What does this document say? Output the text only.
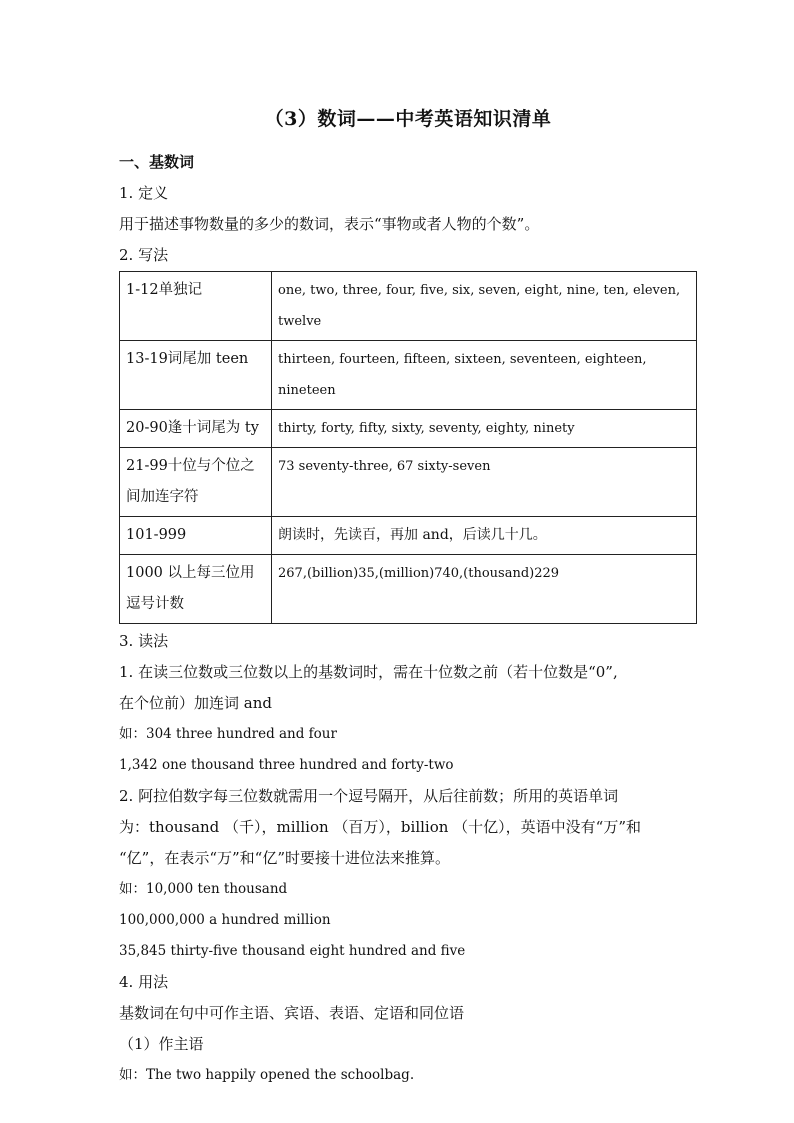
（3）数词——中考英语知识清单
一、基数词
1. 定义
用于描述事物数量的多少的数词，表示“事物或者人物的个数”。
2. 写法
1-12单独记	one, two, three, four, five, six, seven, eight, nine, ten, eleven, twelve
13-19词尾加 teen	thirteen, fourteen, fifteen, sixteen, seventeen, eighteen, nineteen
20-90逢十词尾为 ty	thirty, forty, fifty, sixty, seventy, eighty, ninety
21-99十位与个位之间加连字符	73 seventy-three, 67 sixty-seven
101-999	朗读时，先读百，再加 and，后读几十几。
1000 以上每三位用逗号计数	267,(billion)35,(million)740,(thousand)229
3. 读法
1. 在读三位数或三位数以上的基数词时，需在十位数之前（若十位数是“0”,
在个位前）加连词 and
如：304 three hundred and four
1,342 one thousand three hundred and forty-two
2. 阿拉伯数字每三位数就需用一个逗号隔开，从后往前数；所用的英语单词
为：thousand （千），million （百万），billion （十亿），英语中没有“万”和
“亿”，在表示“万”和“亿”时要接十进位法来推算。
如：10,000 ten thousand
100,000,000 a hundred million
35,845 thirty-five thousand eight hundred and five
4. 用法
基数词在句中可作主语、宾语、表语、定语和同位语
（1）作主语
如：The two happily opened the schoolbag.
